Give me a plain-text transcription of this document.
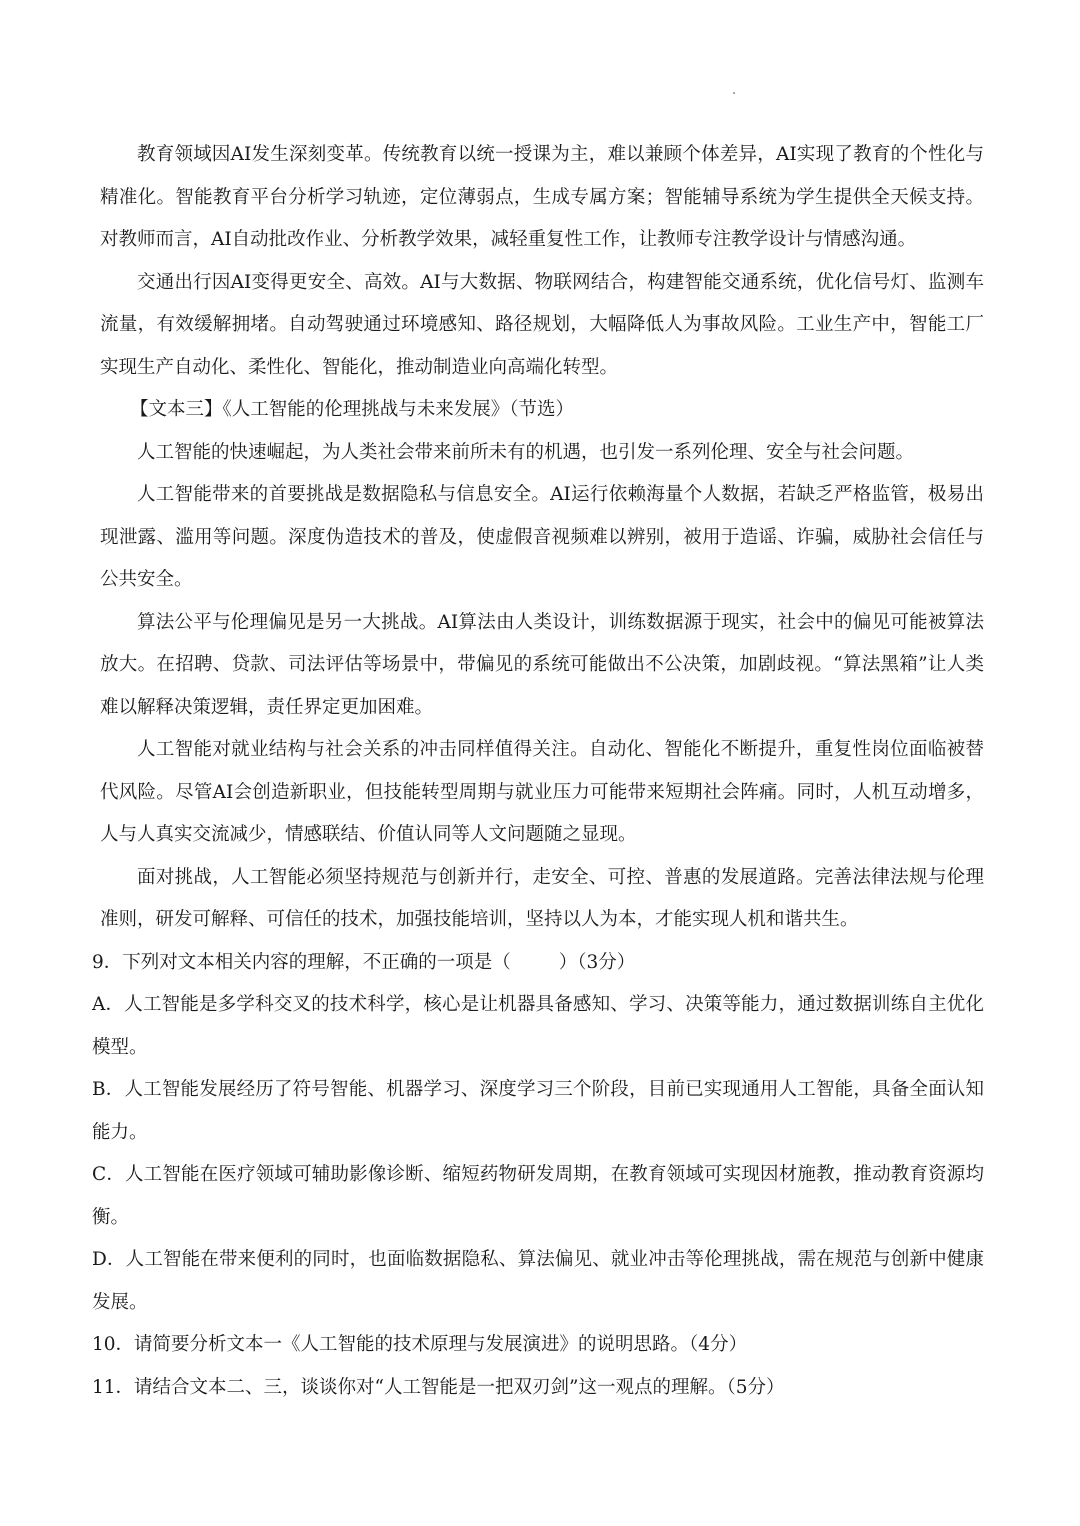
教育领域因AI发生深刻变革。传统教育以统一授课为主，难以兼顾个体差异，AI实现了教育的个性化与精准化。智能教育平台分析学习轨迹，定位薄弱点，生成专属方案；智能辅导系统为学生提供全天候支持。对教师而言，AI自动批改作业、分析教学效果，减轻重复性工作，让教师专注教学设计与情感沟通。

交通出行因AI变得更安全、高效。AI与大数据、物联网结合，构建智能交通系统，优化信号灯、监测车流量，有效缓解拥堵。自动驾驶通过环境感知、路径规划，大幅降低人为事故风险。工业生产中，智能工厂实现生产自动化、柔性化、智能化，推动制造业向高端化转型。

【文本三】《人工智能的伦理挑战与未来发展》（节选）

人工智能的快速崛起，为人类社会带来前所未有的机遇，也引发一系列伦理、安全与社会问题。

人工智能带来的首要挑战是数据隐私与信息安全。AI运行依赖海量个人数据，若缺乏严格监管，极易出现泄露、滥用等问题。深度伪造技术的普及，使虚假音视频难以辨别，被用于造谣、诈骗，威胁社会信任与公共安全。

算法公平与伦理偏见是另一大挑战。AI算法由人类设计，训练数据源于现实，社会中的偏见可能被算法放大。在招聘、贷款、司法评估等场景中，带偏见的系统可能做出不公决策，加剧歧视。“算法黑箱”让人类难以解释决策逻辑，责任界定更加困难。

人工智能对就业结构与社会关系的冲击同样值得关注。自动化、智能化不断提升，重复性岗位面临被替代风险。尽管AI会创造新职业，但技能转型周期与就业压力可能带来短期社会阵痛。同时，人机互动增多，人与人真实交流减少，情感联结、价值认同等人文问题随之显现。

面对挑战，人工智能必须坚持规范与创新并行，走安全、可控、普惠的发展道路。完善法律法规与伦理准则，研发可解释、可信任的技术，加强技能培训，坚持以人为本，才能实现人机和谐共生。

9．下列对文本相关内容的理解，不正确的一项是（	）（3分）

A．人工智能是多学科交叉的技术科学，核心是让机器具备感知、学习、决策等能力，通过数据训练自主优化模型。

B．人工智能发展经历了符号智能、机器学习、深度学习三个阶段，目前已实现通用人工智能，具备全面认知能力。

C．人工智能在医疗领域可辅助影像诊断、缩短药物研发周期，在教育领域可实现因材施教，推动教育资源均衡。

D．人工智能在带来便利的同时，也面临数据隐私、算法偏见、就业冲击等伦理挑战，需在规范与创新中健康发展。

10．请简要分析文本一《人工智能的技术原理与发展演进》的说明思路。（4分）

11．请结合文本二、三，谈谈你对“人工智能是一把双刃剑”这一观点的理解。（5分）
